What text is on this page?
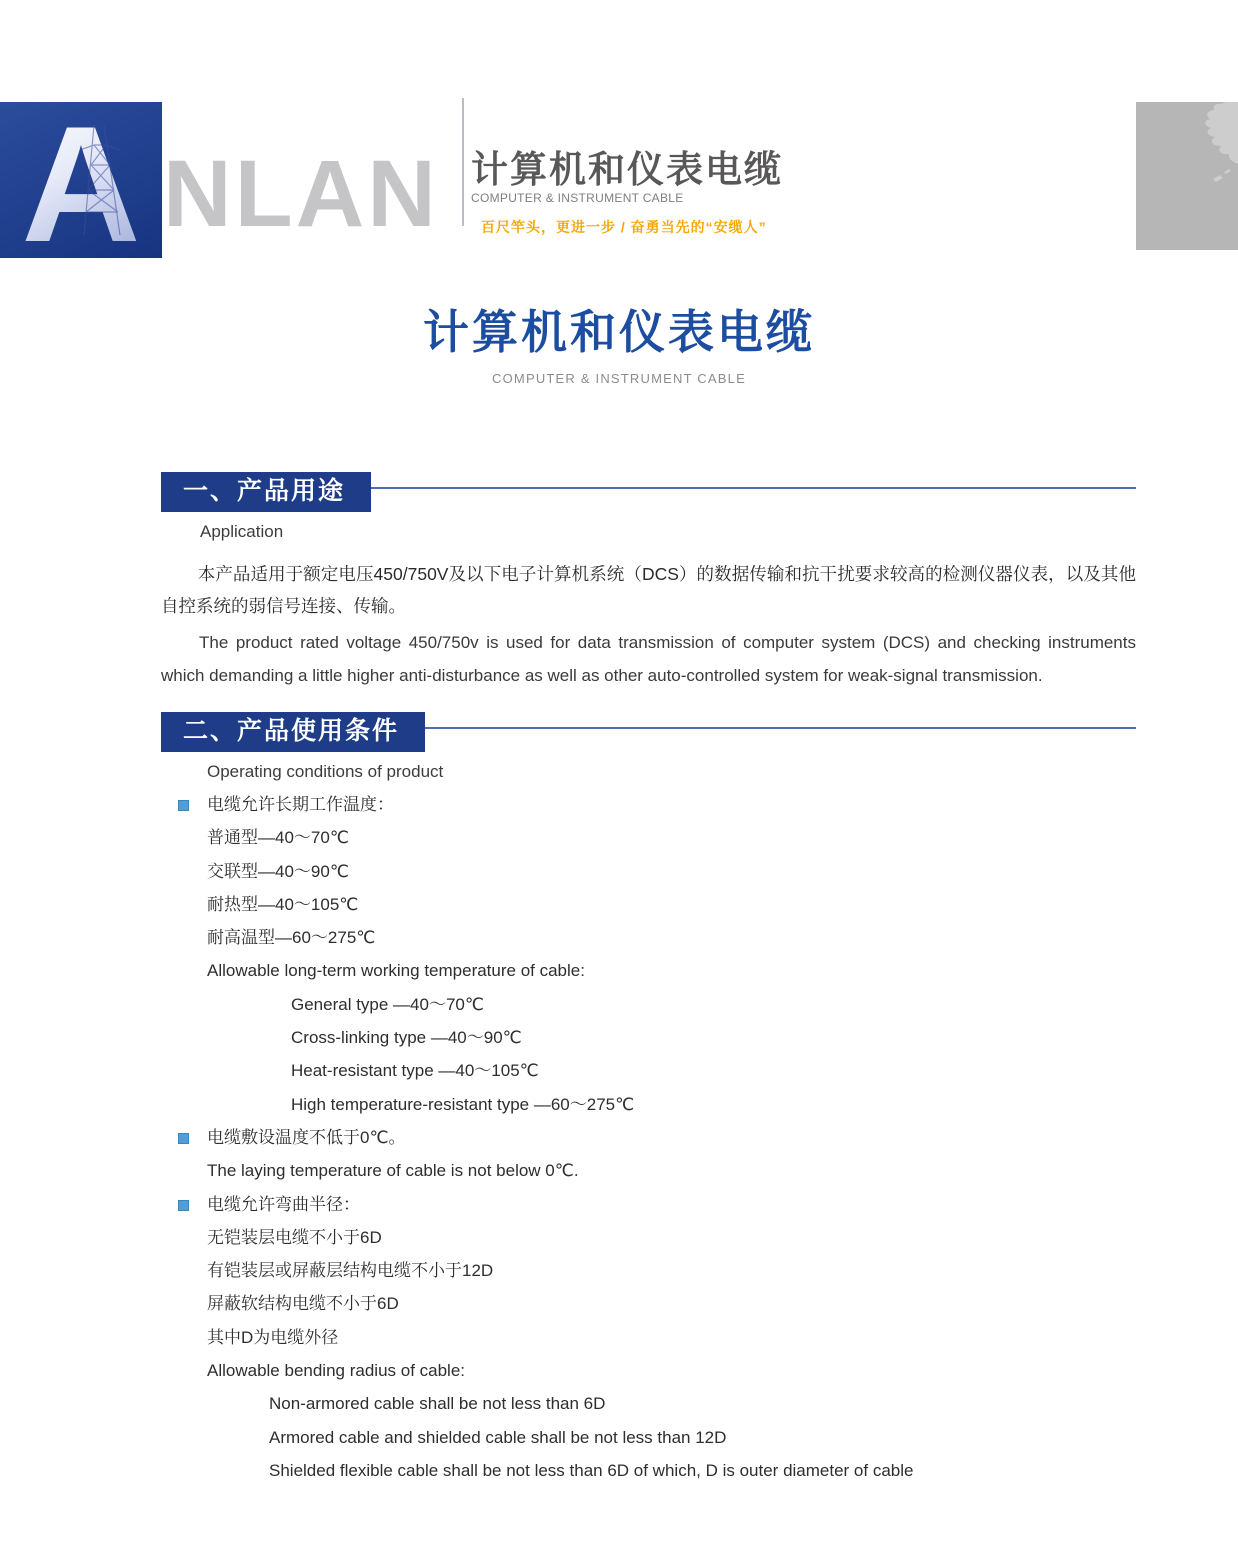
A NLAN 计算机和仪表电缆
COMPUTER & INSTRUMENT CABLE
百尺竿头，更进一步 / 奋勇当先的“安缆人”
计算机和仪表电缆
COMPUTER & INSTRUMENT CABLE
一、产品用途
Application
本产品适用于额定电压450/750V及以下电子计算机系统（DCS）的数据传输和抗干扰要求较高的检测仪器仪表，以及其他自控系统的弱信号连接、传输。
The product rated voltage 450/750v is used for data transmission of computer system (DCS) and checking instruments which demanding a little higher anti-disturbance as well as other auto-controlled system for weak-signal transmission.
二、产品使用条件
Operating conditions of product
电缆允许长期工作温度：
普通型—40～70℃
交联型—40～90℃
耐热型—40～105℃
耐高温型—60～275℃
Allowable long-term working temperature of cable:
General type —40～70℃
Cross-linking type —40～90℃
Heat-resistant type —40～105℃
High temperature-resistant type —60～275℃
电缆敷设温度不低于0℃。
The laying temperature of cable is not below 0℃.
电缆允许弯曲半径：
无铠装层电缆不小于6D
有铠装层或屏蔽层结构电缆不小于12D
屏蔽软结构电缆不小于6D
其中D为电缆外径
Allowable bending radius of cable:
Non-armored cable shall be not less than 6D
Armored cable and shielded cable shall be not less than 12D
Shielded flexible cable shall be not less than 6D of which, D is outer diameter of cable
